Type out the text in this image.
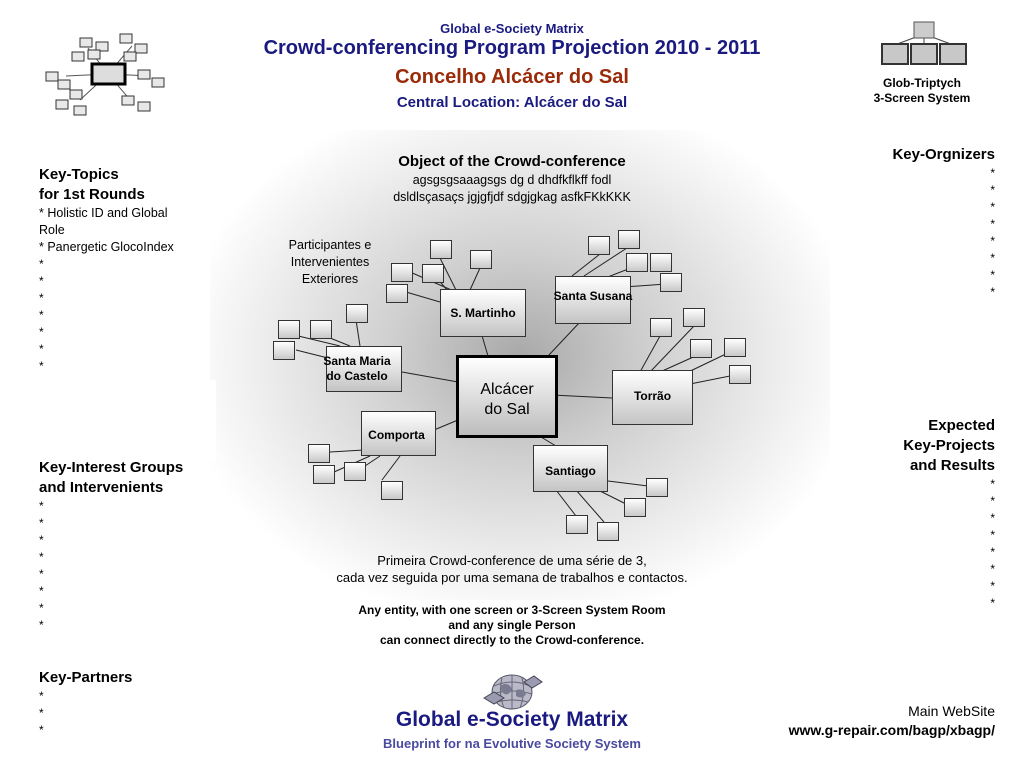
Glob-Triptych
3-Screen System
Global e-Society Matrix
Crowd-conferencing Program Projection 2010 - 2011
Concelho Alcácer do Sal
Central Location: Alcácer do Sal
Object of the Crowd-conference
agsgsgsaaagsgs dg d dhdfkflkff fodl
dsldlsçasaçs jgjgfjdf sdgjgkag asfkFKkKKK
Key-Topics
for 1st Rounds
* Holistic ID and Global
Role
* Panergetic GlocoIndex
*
*
*
*
*
*
*
Key-Interest Groups
and Intervenients
*
*
*
*
*
*
*
*
Key-Partners
*
*
*
Key-Orgnizers
*
*
*
*
*
*
*
*
Expected
Key-Projects
and Results
*
*
*
*
*
*
*
*
Alcácer
do Sal
S. Martinho
Santa Susana
Santa Maria
do Castelo
Torrão
Comporta
Santiago
Participantes e
Intervenientes
Exteriores
Primeira Crowd-conference de uma série de 3,
cada vez seguida por uma semana de trabalhos e contactos.
Any entity, with one screen or 3-Screen System Room
and any single Person
can connect directly to the Crowd-conference.
Global e-Society Matrix
Blueprint for na Evolutive Society System
Main WebSite
www.g-repair.com/bagp/xbagp/
